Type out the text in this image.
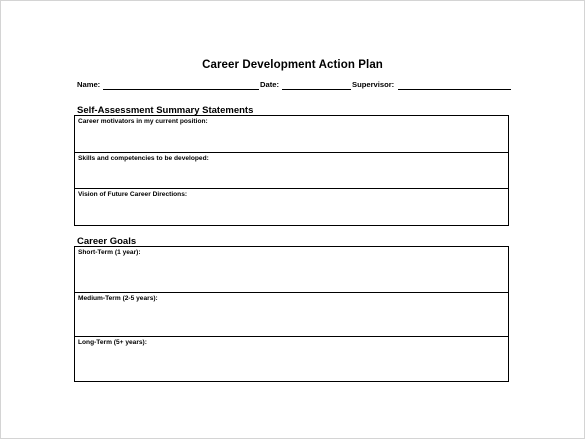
Career Development Action Plan
Name:	Date:	Supervisor:
Self-Assessment Summary Statements
Career motivators in my current position:
Skills and competencies to be developed:
Vision of Future Career Directions:
Career Goals
Short-Term (1 year):
Medium-Term (2-5 years):
Long-Term (5+ years):
